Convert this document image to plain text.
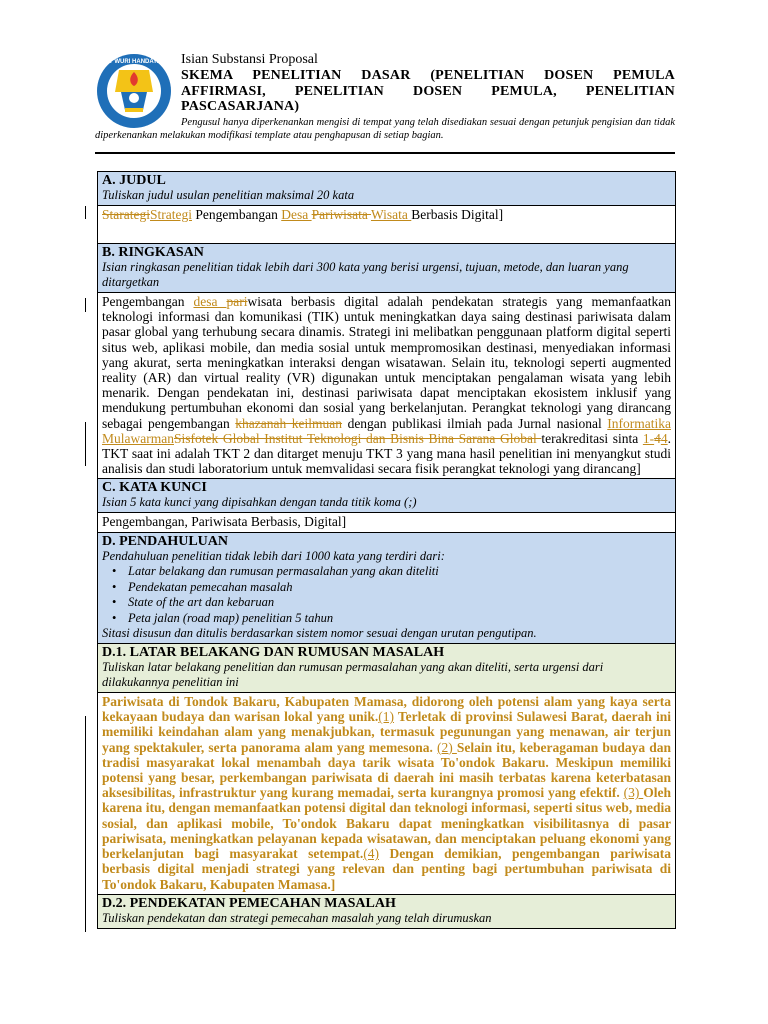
TUT WURI HANDAYANI Isian Substansi Proposal
SKEMA PENELITIAN DASAR (PENELITIAN DOSEN PEMULA AFFIRMASI, PENELITIAN DOSEN PEMULA, PENELITIAN PASCASARJANA)
Pengusul hanya diperkenankan mengisi di tempat yang telah disediakan sesuai dengan petunjuk pengisian dan tidak diperkenankan melakukan modifikasi template atau penghapusan di setiap bagian.
A. JUDUL
Tuliskan judul usulan penelitian maksimal 20 kata

StarategiStrategi Pengembangan Desa Pariwisata Wisata Berbasis Digital]

B. RINGKASAN
Isian ringkasan penelitian tidak lebih dari 300 kata yang berisi urgensi, tujuan, metode, dan luaran yang ditargetkan

Pengembangan desa pariwisata berbasis digital adalah pendekatan strategis yang memanfaatkan teknologi informasi dan komunikasi (TIK) untuk meningkatkan daya saing destinasi pariwisata dalam pasar global yang terhubung secara dinamis. Strategi ini melibatkan penggunaan platform digital seperti situs web, aplikasi mobile, dan media sosial untuk mempromosikan destinasi, menyediakan informasi yang akurat, serta meningkatkan interaksi dengan wisatawan. Selain itu, teknologi seperti augmented reality (AR) dan virtual reality (VR) digunakan untuk menciptakan pengalaman wisata yang lebih menarik. Dengan pendekatan ini, destinasi pariwisata dapat menciptakan ekosistem inklusif yang mendukung pertumbuhan ekonomi dan sosial yang berkelanjutan. Perangkat teknologi yang dirancang sebagai pengembangan khazanah keilmuan dengan publikasi ilmiah pada Jurnal nasional Informatika MulawarmanSisfotek Global Institut Teknologi dan Bisnis Bina Sarana Global terakreditasi sinta 1-44. TKT saat ini adalah TKT 2 dan ditarget menuju TKT 3 yang mana hasil penelitian ini menyangkut studi analisis dan studi laboratorium untuk memvalidasi secara fisik perangkat teknologi yang dirancang]

C. KATA KUNCI
Isian 5 kata kunci yang dipisahkan dengan tanda titik koma (;)

Pengembangan, Pariwisata Berbasis, Digital]

D. PENDAHULUAN
Pendahuluan penelitian tidak lebih dari 1000 kata yang terdiri dari:
• Latar belakang dan rumusan permasalahan yang akan diteliti
• Pendekatan pemecahan masalah
• State of the art dan kebaruan
• Peta jalan (road map) penelitian 5 tahun
Sitasi disusun dan ditulis berdasarkan sistem nomor sesuai dengan urutan pengutipan.

D.1. LATAR BELAKANG DAN RUMUSAN MASALAH
Tuliskan latar belakang penelitian dan rumusan permasalahan yang akan diteliti, serta urgensi dari dilakukannya penelitian ini

Pariwisata di Tondok Bakaru, Kabupaten Mamasa, didorong oleh potensi alam yang kaya serta kekayaan budaya dan warisan lokal yang unik.(1) Terletak di provinsi Sulawesi Barat, daerah ini memiliki keindahan alam yang menakjubkan, termasuk pegunungan yang menawan, air terjun yang spektakuler, serta panorama alam yang memesona. (2) Selain itu, keberagaman budaya dan tradisi masyarakat lokal menambah daya tarik wisata To'ondok Bakaru. Meskipun memiliki potensi yang besar, perkembangan pariwisata di daerah ini masih terbatas karena keterbatasan aksesibilitas, infrastruktur yang kurang memadai, serta kurangnya promosi yang efektif. (3) Oleh karena itu, dengan memanfaatkan potensi digital dan teknologi informasi, seperti situs web, media sosial, dan aplikasi mobile, To'ondok Bakaru dapat meningkatkan visibilitasnya di pasar pariwisata, meningkatkan pelayanan kepada wisatawan, dan menciptakan peluang ekonomi yang berkelanjutan bagi masyarakat setempat.(4) Dengan demikian, pengembangan pariwisata berbasis digital menjadi strategi yang relevan dan penting bagi pertumbuhan pariwisata di To'ondok Bakaru, Kabupaten Mamasa.]

D.2. PENDEKATAN PEMECAHAN MASALAH
Tuliskan pendekatan dan strategi pemecahan masalah yang telah dirumuskan
